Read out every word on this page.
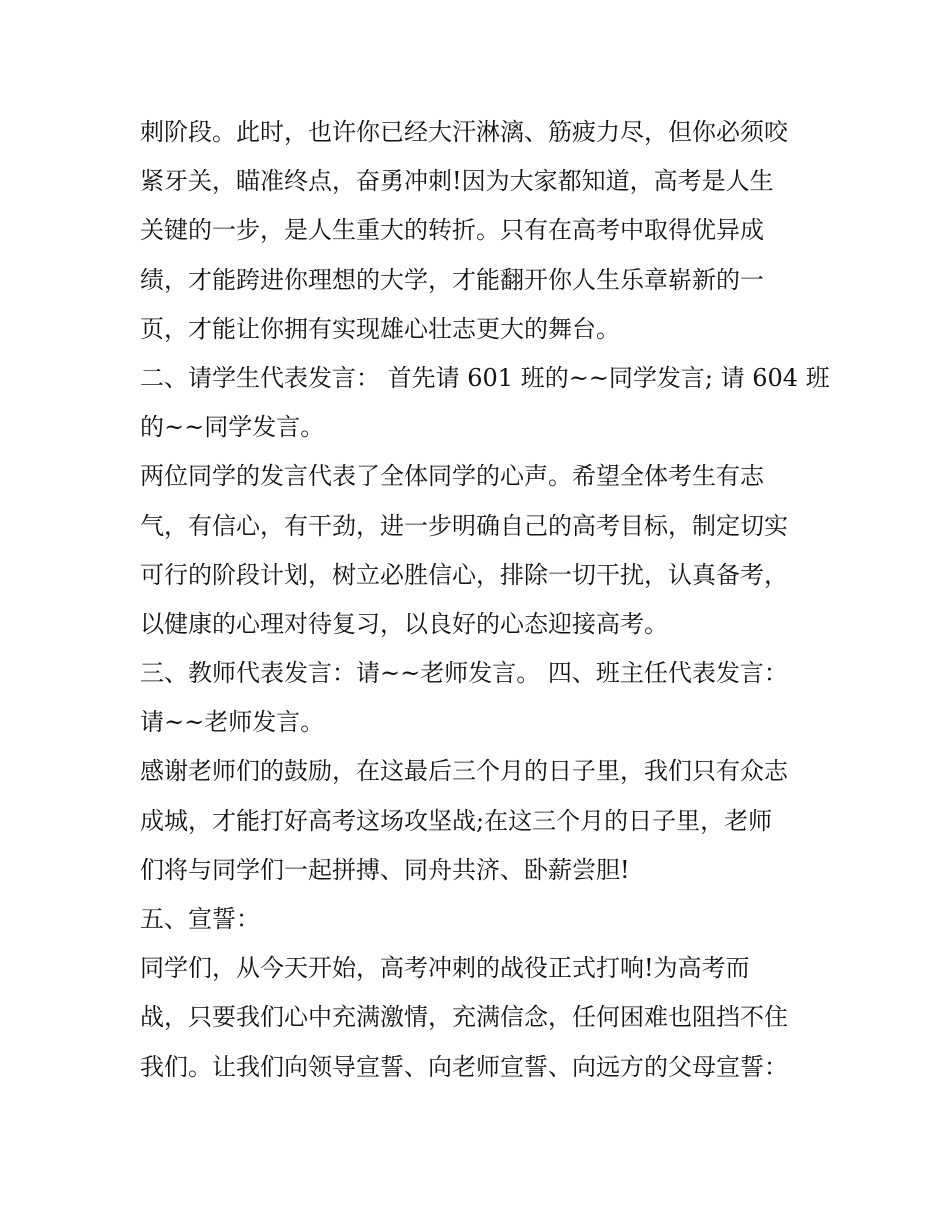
刺阶段。此时，也许你已经大汗淋漓、筋疲力尽，但你必须咬
紧牙关，瞄准终点，奋勇冲刺!因为大家都知道，高考是人生
关键的一步，是人生重大的转折。只有在高考中取得优异成
绩，才能跨进你理想的大学，才能翻开你人生乐章崭新的一
页，才能让你拥有实现雄心壮志更大的舞台。
二、请学生代表发言： 首先请 601 班的~~同学发言; 请 604 班
的~~同学发言。
两位同学的发言代表了全体同学的心声。希望全体考生有志
气，有信心，有干劲，进一步明确自己的高考目标，制定切实
可行的阶段计划，树立必胜信心，排除一切干扰，认真备考，
以健康的心理对待复习，以良好的心态迎接高考。
三、教师代表发言：请~~老师发言。 四、班主任代表发言：
请~~老师发言。
感谢老师们的鼓励，在这最后三个月的日子里，我们只有众志
成城，才能打好高考这场攻坚战;在这三个月的日子里，老师
们将与同学们一起拼搏、同舟共济、卧薪尝胆!
五、宣誓：
同学们，从今天开始，高考冲刺的战役正式打响!为高考而
战，只要我们心中充满激情，充满信念，任何困难也阻挡不住
我们。让我们向领导宣誓、向老师宣誓、向远方的父母宣誓：
